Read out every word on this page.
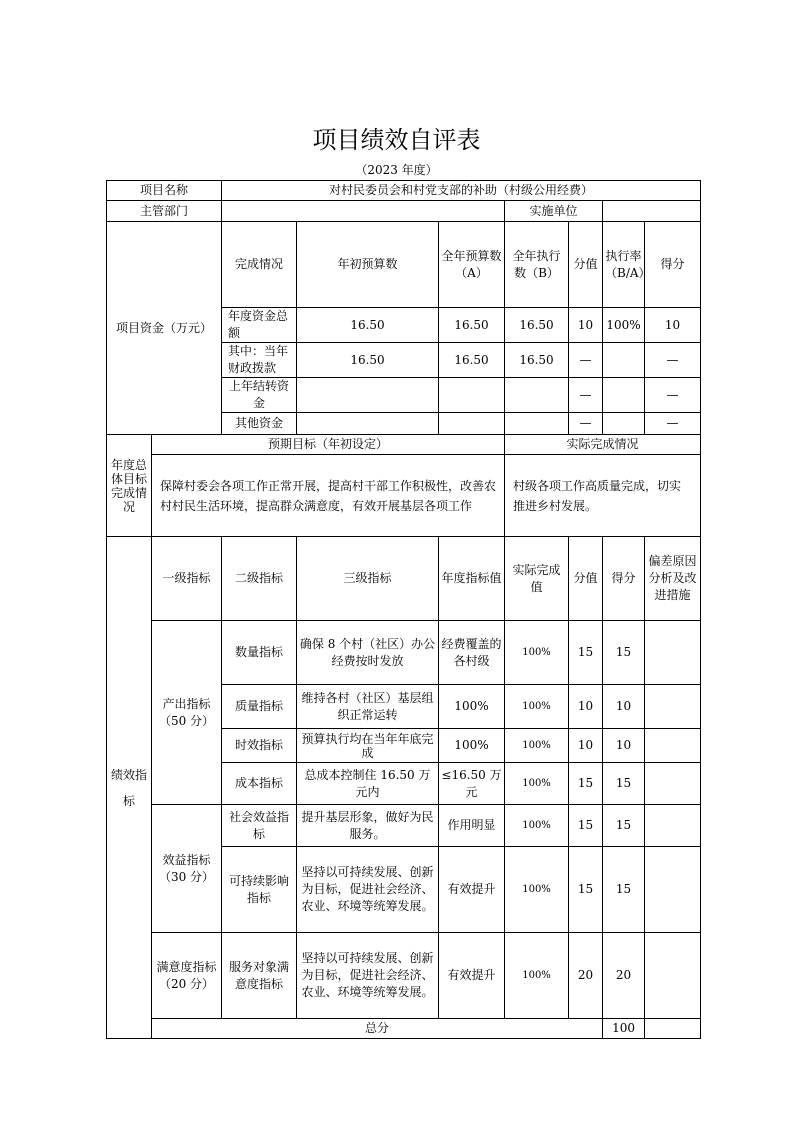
项目绩效自评表
（2023 年度）
项目名称		对村民委员会和村党支部的补助（村级公用经费）							
主管部门					实施单位				
项目资金（万元）		完成情况	年初预算数	全年预算数（A）	全年执行数（B）	分值	执行率（B/A）	得分	
		年度资金总额	16.50	16.50	16.50	10	100%	10	
		其中：当年财政拨款	16.50	16.50	16.50	—		—	
		上年结转资金				—		—	
		其他资金				—		—	
年度总体目标完成情况	预期目标（年初设定）				实际完成情况				
	保障村委会各项工作正常开展，提高村干部工作积极性，改善农村村民生活环境，提高群众满意度，有效开展基层各项工作				村级各项工作高质量完成，切实推进乡村发展。				
绩效指标	一级指标	二级指标	三级指标	年度指标值	实际完成值	分值	得分	偏差原因分析及改进措施	
	产出指标（50 分）	数量指标	确保 8 个村（社区）办公经费按时发放	经费覆盖的各村级	100%	15	15		
		质量指标	维持各村（社区）基层组织正常运转	100%	100%	10	10		
		时效指标	预算执行均在当年年底完成	100%	100%	10	10		
		成本指标	总成本控制住 16.50 万元内	≤16.50 万元	100%	15	15		
	效益指标（30 分）	社会效益指标	提升基层形象，做好为民服务。	作用明显	100%	15	15		
		可持续影响指标	坚持以可持续发展、创新为目标，促进社会经济、农业、环境等统筹发展。	有效提升	100%	15	15		
	满意度指标（20 分）	服务对象满意度指标	坚持以可持续发展、创新为目标，促进社会经济、农业、环境等统筹发展。	有效提升	100%	20	20		
	总分						100		
